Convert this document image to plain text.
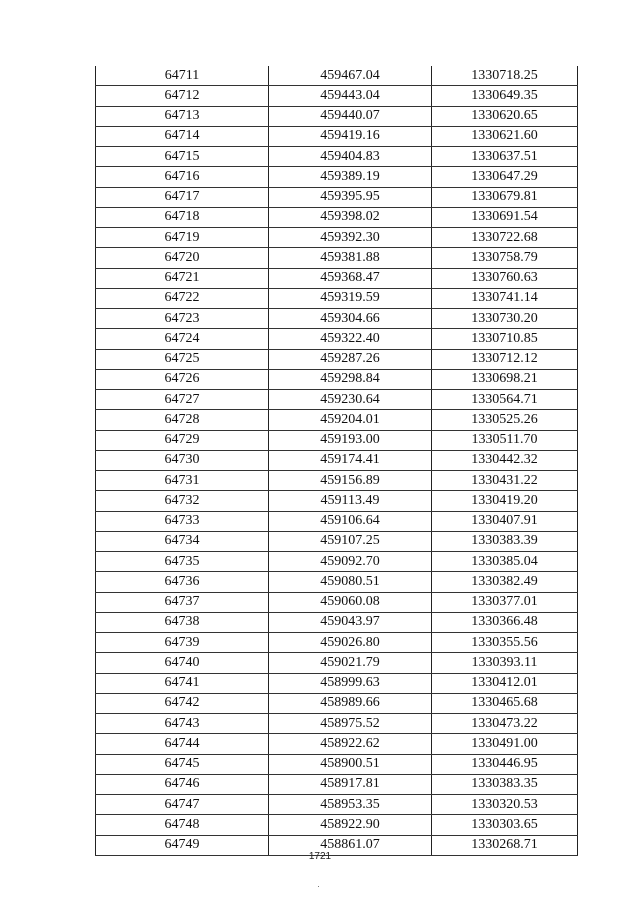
64711	459467.04	1330718.25
64712	459443.04	1330649.35
64713	459440.07	1330620.65
64714	459419.16	1330621.60
64715	459404.83	1330637.51
64716	459389.19	1330647.29
64717	459395.95	1330679.81
64718	459398.02	1330691.54
64719	459392.30	1330722.68
64720	459381.88	1330758.79
64721	459368.47	1330760.63
64722	459319.59	1330741.14
64723	459304.66	1330730.20
64724	459322.40	1330710.85
64725	459287.26	1330712.12
64726	459298.84	1330698.21
64727	459230.64	1330564.71
64728	459204.01	1330525.26
64729	459193.00	1330511.70
64730	459174.41	1330442.32
64731	459156.89	1330431.22
64732	459113.49	1330419.20
64733	459106.64	1330407.91
64734	459107.25	1330383.39
64735	459092.70	1330385.04
64736	459080.51	1330382.49
64737	459060.08	1330377.01
64738	459043.97	1330366.48
64739	459026.80	1330355.56
64740	459021.79	1330393.11
64741	458999.63	1330412.01
64742	458989.66	1330465.68
64743	458975.52	1330473.22
64744	458922.62	1330491.00
64745	458900.51	1330446.95
64746	458917.81	1330383.35
64747	458953.35	1330320.53
64748	458922.90	1330303.65
64749	458861.07	1330268.71
1721
